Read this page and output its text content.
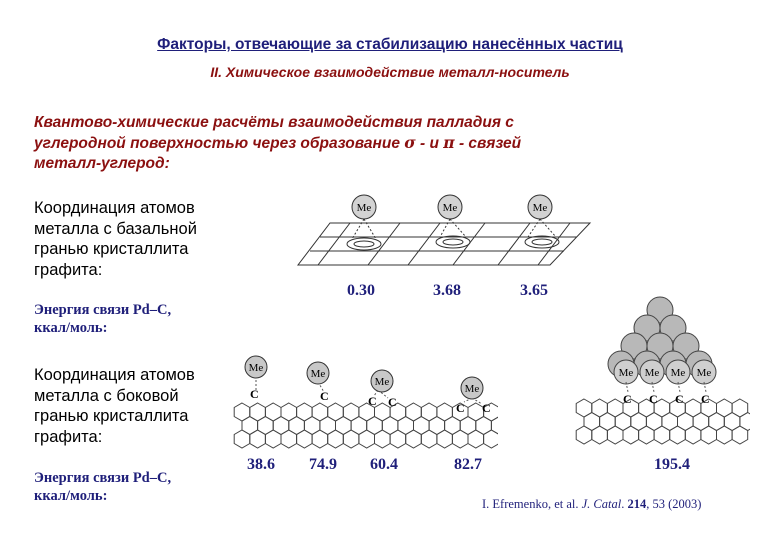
Факторы, отвечающие за стабилизацию нанесённых частиц
II. Химическое взаимодействие металл-носитель
Квантово-химические расчёты взаимодействия палладия с
углеродной поверхностью через образование σ - и π - связей
металл-углерод:
Координация атомов
металла с базальной
гранью кристаллита
графита:
Энергия связи Pd–C,
ккал/моль:
0.30	3.68	3.65
Me	Me	Me
Координация атомов
металла с боковой
гранью кристаллита
графита:
Энергия связи Pd–C,
ккал/моль:
38.6 74.9 60.4	82.7	195.4
Me	Me
Me
Me
C	C	C C	C C
Me Me Me Me
C C C C
I. Efremenko, et al. J. Catal. 214, 53 (2003)
